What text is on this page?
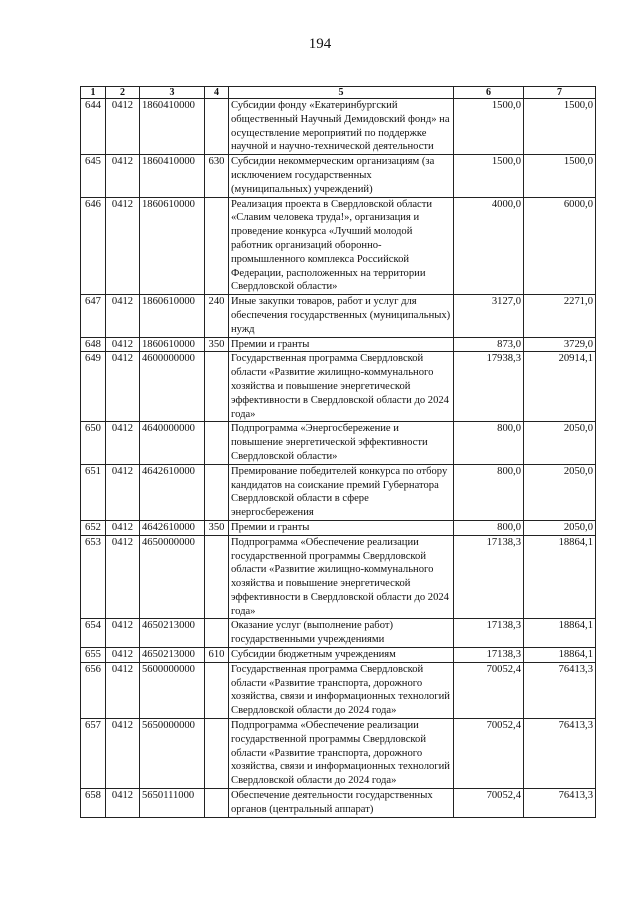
194
1	2	3	4	5	6	7
644	0412	1860410000		Субсидии фонду «Екатеринбургский общественный Научный Демидовский фонд» на осуществление мероприятий по поддержке научной и научно-технической деятельности	1500,0	1500,0
645	0412	1860410000	630	Субсидии некоммерческим организациям (за исключением государственных (муниципальных) учреждений)	1500,0	1500,0
646	0412	1860610000		Реализация проекта в Свердловской области «Славим человека труда!», организация и проведение конкурса «Лучший молодой работник организаций оборонно-промышленного комплекса Российской Федерации, расположенных на территории Свердловской области»	4000,0	6000,0
647	0412	1860610000	240	Иные закупки товаров, работ и услуг для обеспечения государственных (муниципальных) нужд	3127,0	2271,0
648	0412	1860610000	350	Премии и гранты	873,0	3729,0
649	0412	4600000000		Государственная программа Свердловской области «Развитие жилищно-коммунального хозяйства и повышение энергетической эффективности в Свердловской области до 2024 года»	17938,3	20914,1
650	0412	4640000000		Подпрограмма «Энергосбережение и повышение энергетической эффективности Свердловской области»	800,0	2050,0
651	0412	4642610000		Премирование победителей конкурса по отбору кандидатов на соискание премий Губернатора Свердловской области в сфере энергосбережения	800,0	2050,0
652	0412	4642610000	350	Премии и гранты	800,0	2050,0
653	0412	4650000000		Подпрограмма «Обеспечение реализации государственной программы Свердловской области «Развитие жилищно-коммунального хозяйства и повышение энергетической эффективности в Свердловской области до 2024 года»	17138,3	18864,1
654	0412	4650213000		Оказание услуг (выполнение работ) государственными учреждениями	17138,3	18864,1
655	0412	4650213000	610	Субсидии бюджетным учреждениям	17138,3	18864,1
656	0412	5600000000		Государственная программа Свердловской области «Развитие транспорта, дорожного хозяйства, связи и информационных технологий Свердловской области до 2024 года»	70052,4	76413,3
657	0412	5650000000		Подпрограмма «Обеспечение реализации государственной программы Свердловской области «Развитие транспорта, дорожного хозяйства, связи и информационных технологий Свердловской области до 2024 года»	70052,4	76413,3
658	0412	5650111000		Обеспечение деятельности государственных органов (центральный аппарат)	70052,4	76413,3
